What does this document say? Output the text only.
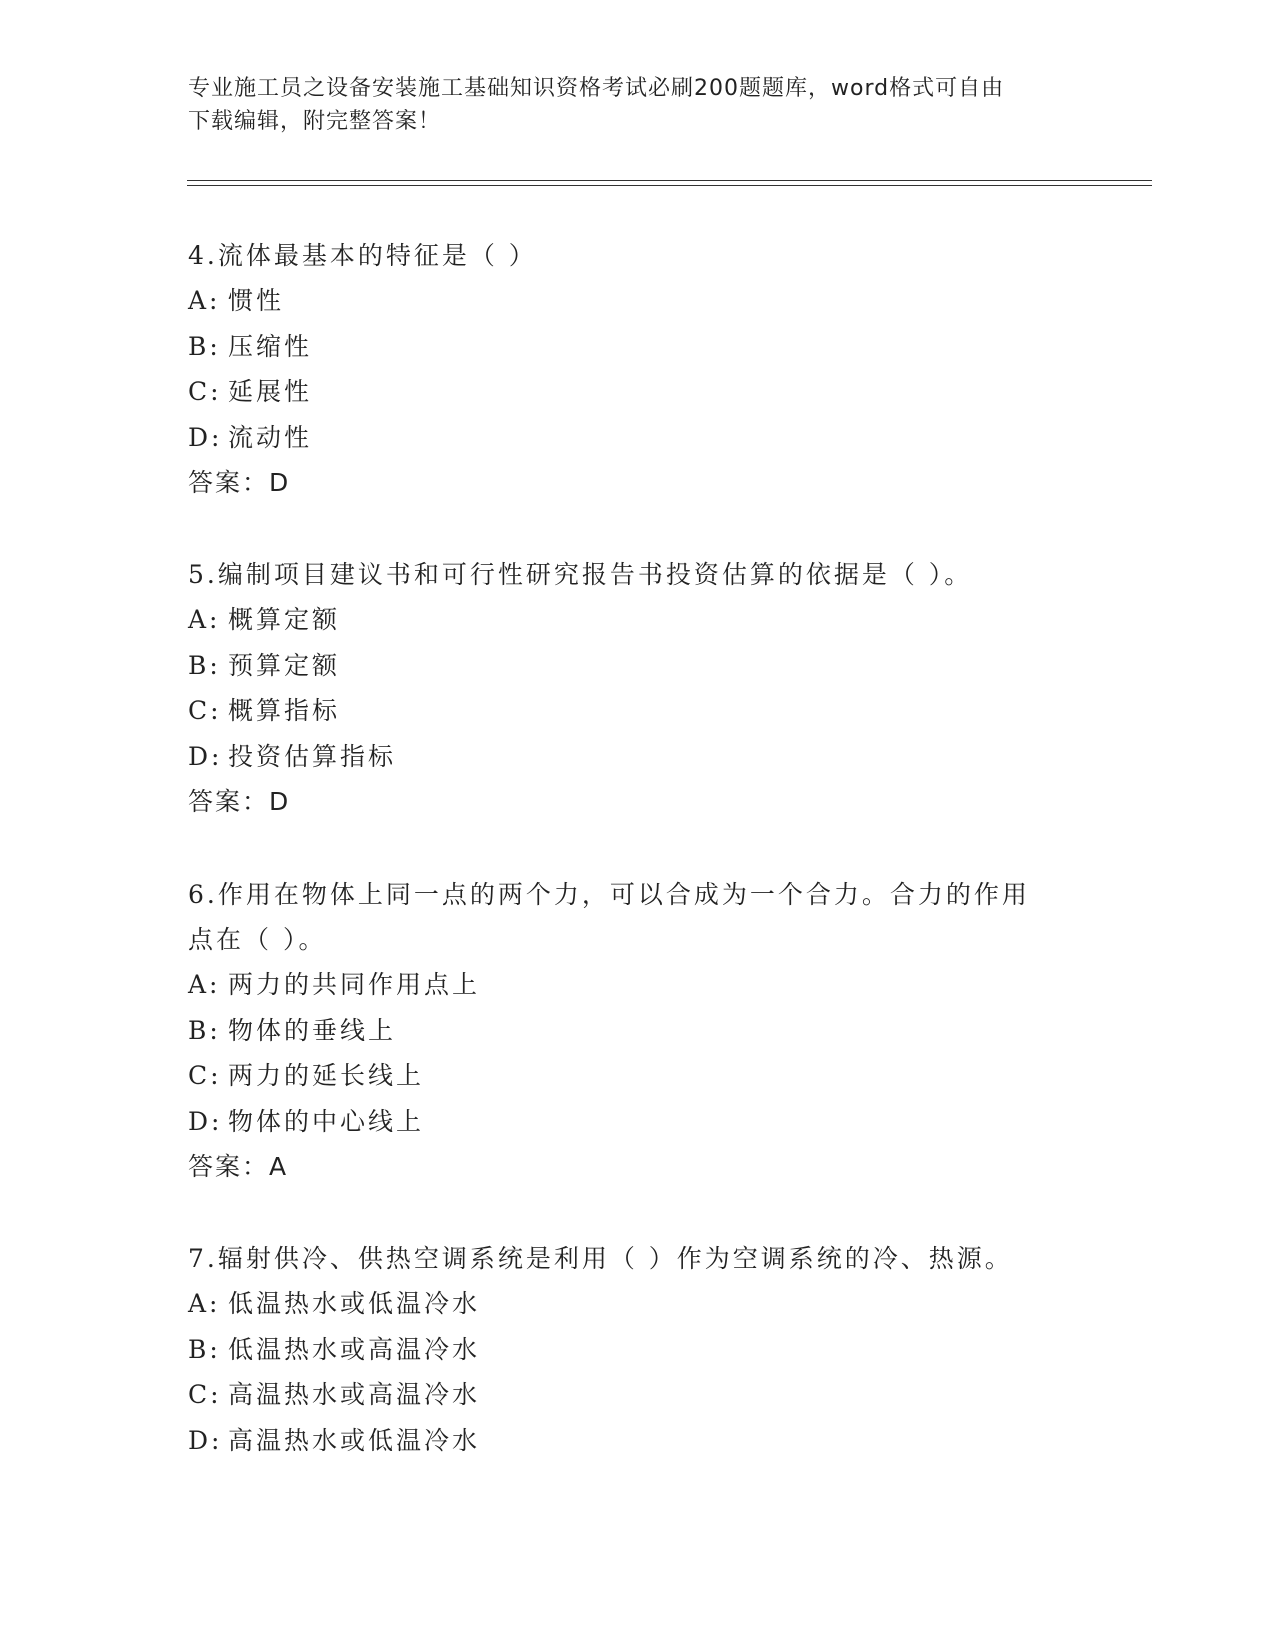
专业施工员之设备安装施工基础知识资格考试必刷200题题库，word格式可自由
下载编辑，附完整答案！
4.流体最基本的特征是（ ）
A: 惯性
B: 压缩性
C: 延展性
D: 流动性
答案：D
5.编制项目建议书和可行性研究报告书投资估算的依据是（ ）。
A: 概算定额
B: 预算定额
C: 概算指标
D: 投资估算指标
答案：D
6.作用在物体上同一点的两个力，可以合成为一个合力。合力的作用
点在（ ）。
A: 两力的共同作用点上
B: 物体的垂线上
C: 两力的延长线上
D: 物体的中心线上
答案：A
7.辐射供冷、供热空调系统是利用（ ）作为空调系统的冷、热源。
A: 低温热水或低温冷水
B: 低温热水或高温冷水
C: 高温热水或高温冷水
D: 高温热水或低温冷水
